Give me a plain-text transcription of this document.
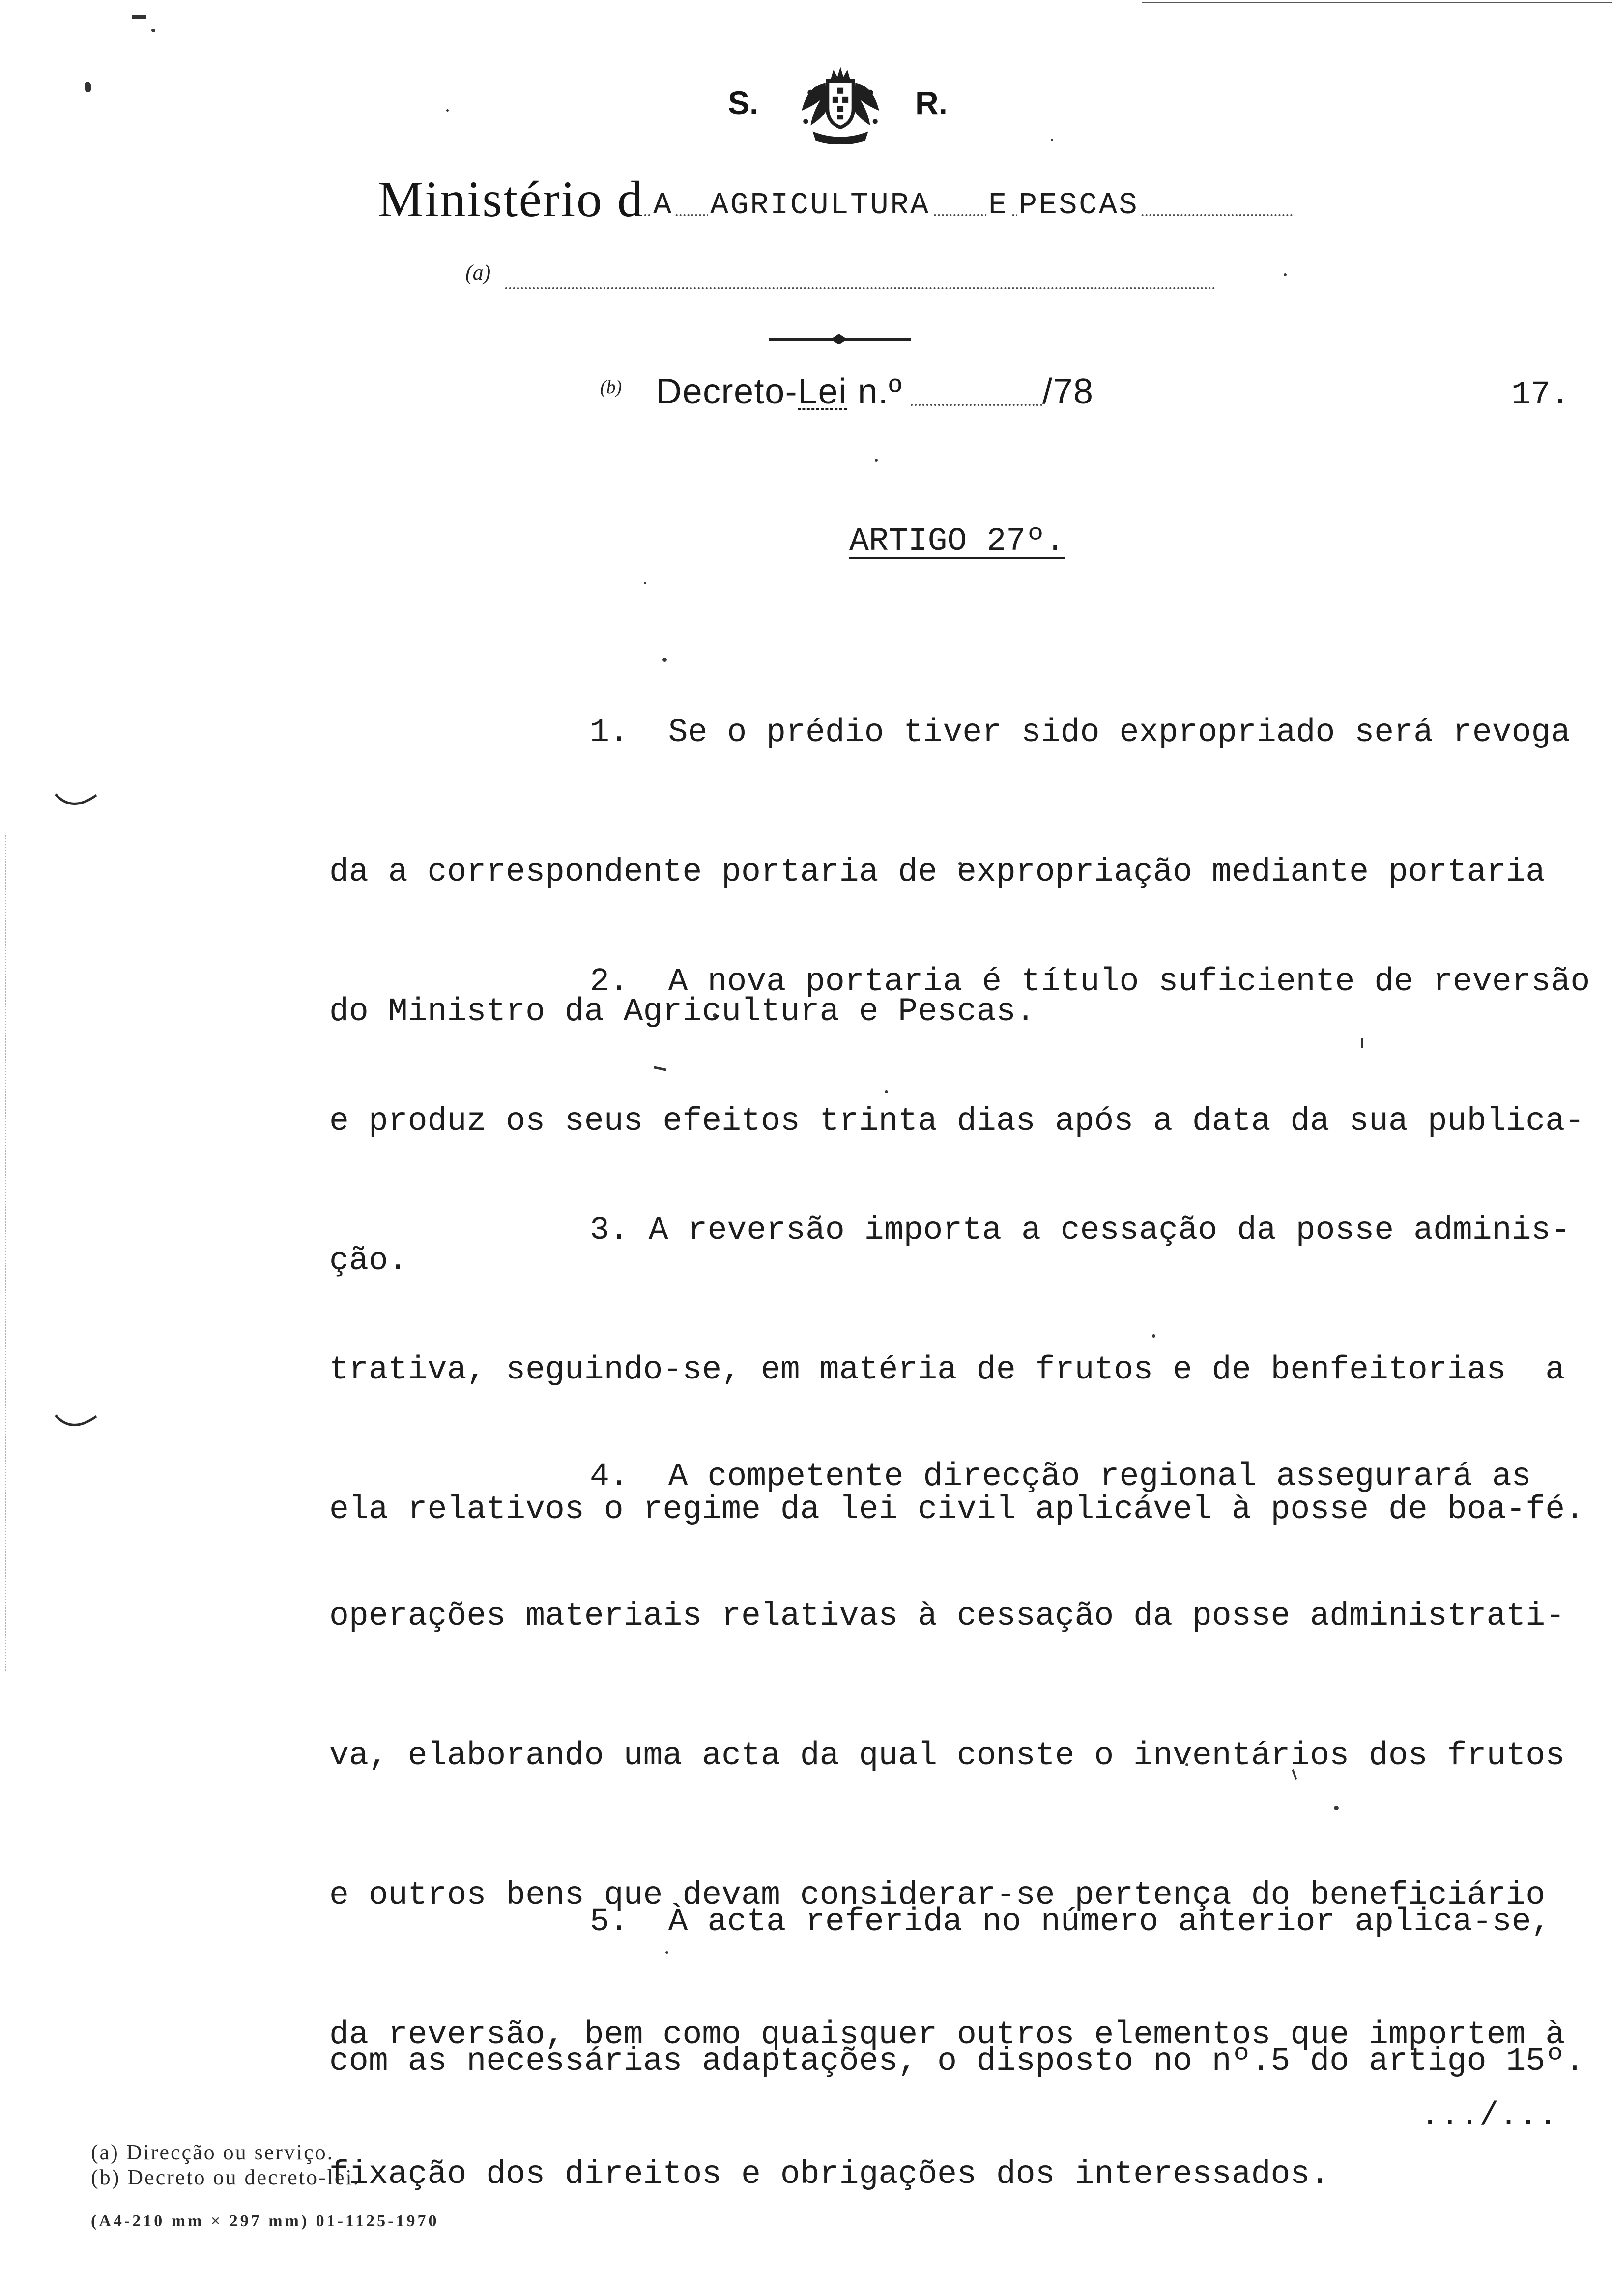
S.	R.
Ministério d A AGRICULTURA E PESCAS
(a)
(b) Decreto-Lei n.º	/78	17.
ARTIGO 27º.

1.  Se o prédio tiver sido expropriado será revoga

da a correspondente portaria de expropriação mediante portaria

do Ministro da Agricultura e Pescas.

2.  A nova portaria é título suficiente de reversão

e produz os seus efeitos trinta dias após a data da sua publica-

ção.

3. A reversão importa a cessação da posse adminis-

trativa, seguindo-se, em matéria de frutos e de benfeitorias  a

ela relativos o regime da lei civil aplicável à posse de boa-fé.

4.  A competente direcção regional assegurará as

operações materiais relativas à cessação da posse administrati-

va, elaborando uma acta da qual conste o inventários dos frutos

e outros bens que devam considerar-se pertença do beneficiário

da reversão, bem como quaisquer outros elementos que importem à

fixação dos direitos e obrigações dos interessados.

5.  À acta referida no número anterior aplica-se,

com as necessárias adaptações, o disposto no nº.5 do artigo 15º.

.../...
(a) Direcção ou serviço.
(b) Decreto ou decreto-lei.
(A4-210 mm × 297 mm) 01-1125-1970
